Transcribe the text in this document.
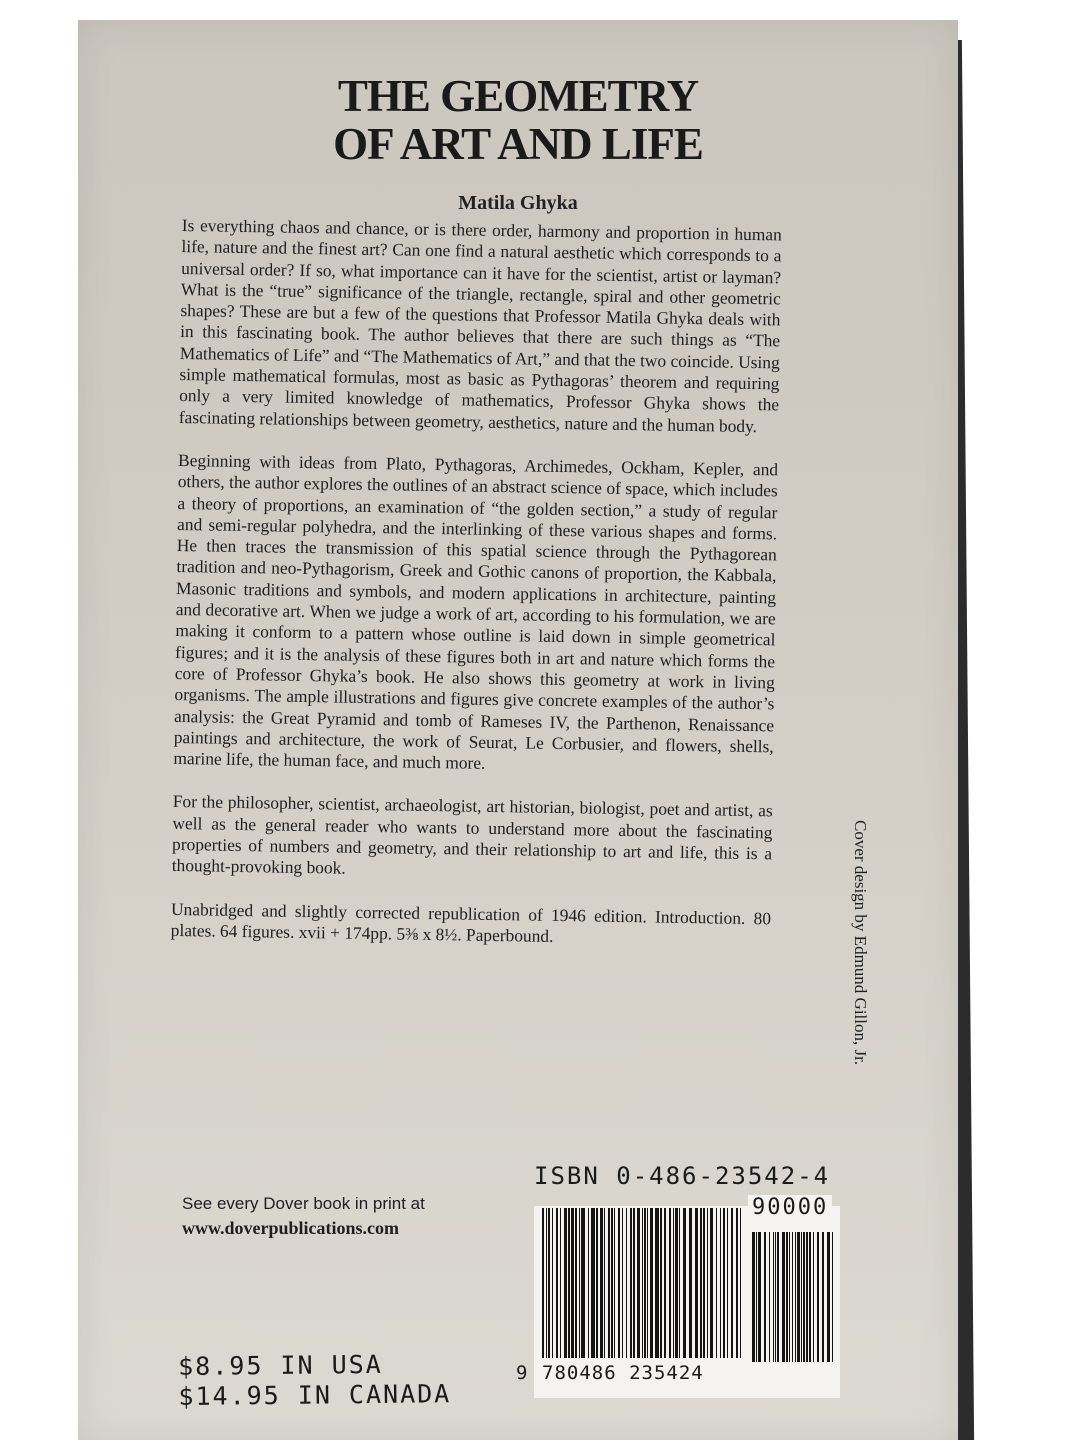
THE GEOMETRY
OF ART AND LIFE
Matila Ghyka

Is everything chaos and chance, or is there order, harmony and proportion in human life, nature and the finest art? Can one find a natural aesthetic which corresponds to a universal order? If so, what importance can it have for the scientist, artist or layman? What is the “true” significance of the triangle, rectangle, spiral and other geometric shapes? These are but a few of the questions that Professor Matila Ghyka deals with in this fascinating book. The author believes that there are such things as “The Mathematics of Life” and “The Mathematics of Art,” and that the two coincide. Using simple mathematical formulas, most as basic as Pythagoras’ theorem and requiring only a very limited knowledge of mathematics, Professor Ghyka shows the fascinating relationships between geometry, aesthetics, nature and the human body.

Beginning with ideas from Plato, Pythagoras, Archimedes, Ockham, Kepler, and others, the author explores the outlines of an abstract science of space, which includes a theory of proportions, an examination of “the golden section,” a study of regular and semi-regular polyhedra, and the interlinking of these various shapes and forms. He then traces the transmission of this spatial science through the Pythagorean tradition and neo-Pythagorism, Greek and Gothic canons of proportion, the Kabbala, Masonic traditions and symbols, and modern applications in architecture, painting and decorative art. When we judge a work of art, according to his formulation, we are making it conform to a pattern whose outline is laid down in simple geometrical figures; and it is the analysis of these figures both in art and nature which forms the core of Professor Ghyka’s book. He also shows this geometry at work in living organisms. The ample illustrations and figures give concrete examples of the author’s analysis: the Great Pyramid and tomb of Rameses IV, the Parthenon, Renaissance paintings and architecture, the work of Seurat, Le Corbusier, and flowers, shells, marine life, the human face, and much more.

For the philosopher, scientist, archaeologist, art historian, biologist, poet and artist, as well as the general reader who wants to understand more about the fascinating properties of numbers and geometry, and their relationship to art and life, this is a thought-provoking book.

Unabridged and slightly corrected republication of 1946 edition. Introduction. 80 plates. 64 figures. xvii + 174pp. 5⅜ x 8½. Paperbound.

See every Dover book in print at
www.doverpublications.com
ISBN 0-486-23542-4
90000
9 780486 235424
$8.95 IN USA
$14.95 IN CANADA
Cover design by Edmund Gillon, Jr.
